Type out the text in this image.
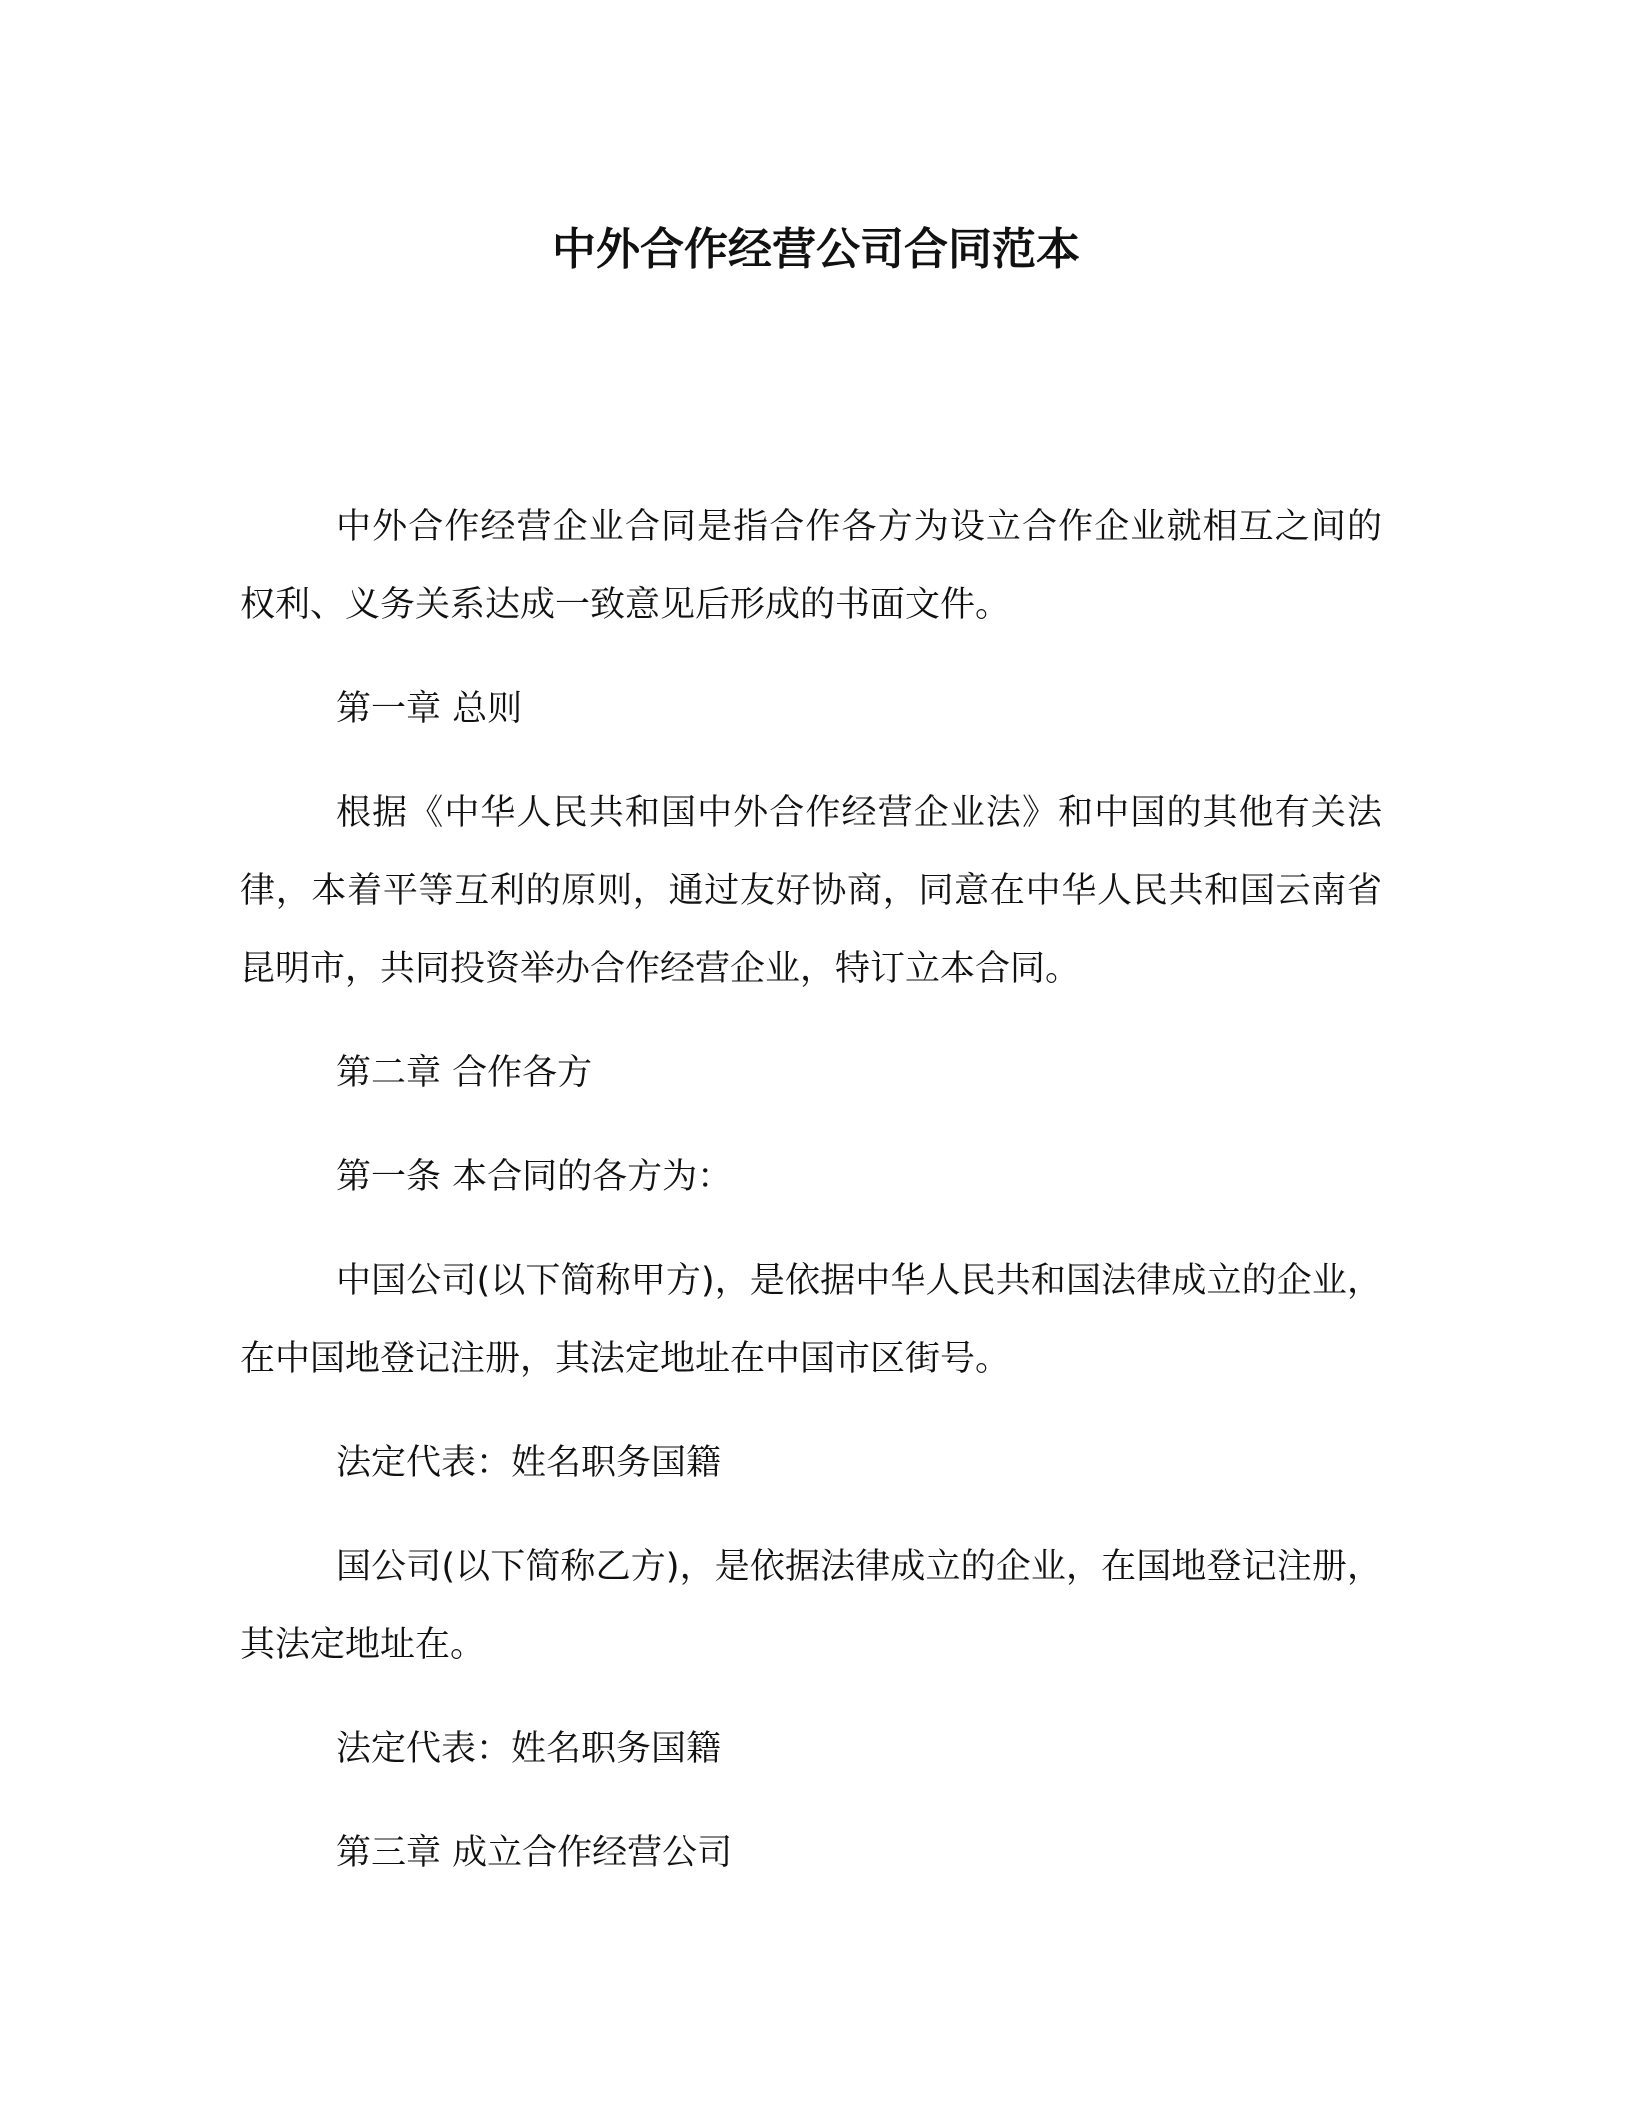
中外合作经营公司合同范本

中外合作经营企业合同是指合作各方为设立合作企业就相互之间的权利、义务关系达成一致意见后形成的书面文件。

第一章 总则

根据《中华人民共和国中外合作经营企业法》和中国的其他有关法律，本着平等互利的原则，通过友好协商，同意在中华人民共和国云南省昆明市，共同投资举办合作经营企业，特订立本合同。

第二章 合作各方

第一条 本合同的各方为：

中国公司(以下简称甲方)，是依据中华人民共和国法律成立的企业，在中国地登记注册，其法定地址在中国市区街号。

法定代表：姓名职务国籍

国公司(以下简称乙方)，是依据法律成立的企业，在国地登记注册，其法定地址在。

法定代表：姓名职务国籍

第三章 成立合作经营公司
